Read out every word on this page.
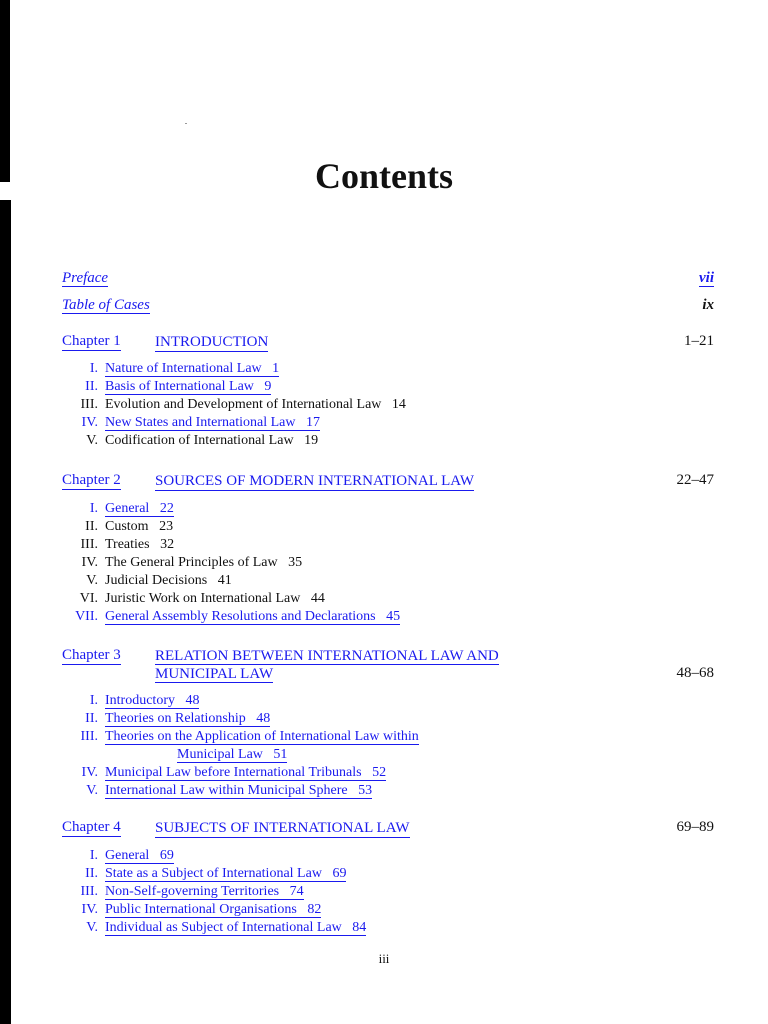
Contents
Preface	vii
Table of Cases	ix
Chapter 1 INTRODUCTION	1–21
I. Nature of International Law 1
II. Basis of International Law 9
III. Evolution and Development of International Law 14
IV. New States and International Law 17
V. Codification of International Law 19
Chapter 2 SOURCES OF MODERN INTERNATIONAL LAW	22–47
I. General 22
II. Custom 23
III. Treaties 32
IV. The General Principles of Law 35
V. Judicial Decisions 41
VI. Juristic Work on International Law 44
VII. General Assembly Resolutions and Declarations 45
Chapter 3 RELATION BETWEEN INTERNATIONAL LAW AND
MUNICIPAL LAW	48–68
I. Introductory 48
II. Theories on Relationship 48
III. Theories on the Application of International Law within
Municipal Law 51
IV. Municipal Law before International Tribunals 52
V. International Law within Municipal Sphere 53
Chapter 4 SUBJECTS OF INTERNATIONAL LAW	69–89
I. General 69
II. State as a Subject of International Law 69
III. Non-Self-governing Territories 74
IV. Public International Organisations 82
V. Individual as Subject of International Law 84
iii
